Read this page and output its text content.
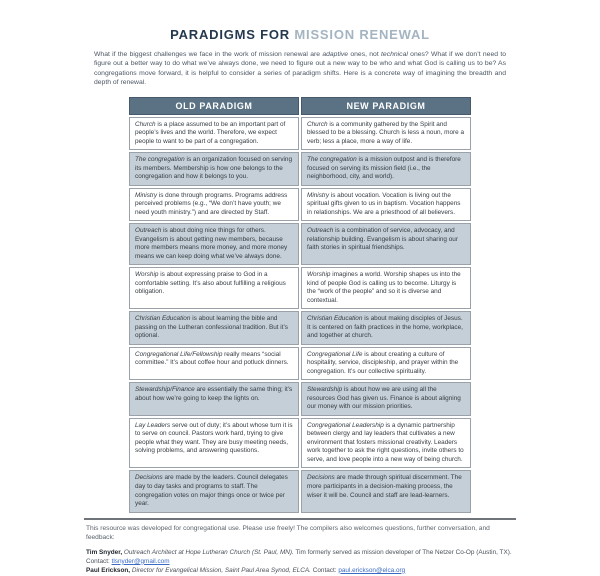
PARADIGMS FOR MISSION RENEWAL

What if the biggest challenges we face in the work of mission renewal are adaptive ones, not technical ones? What if we don’t need to figure out a better way to do what we’ve always done, we need to figure out a new way to be who and what God is calling us to be? As congregations move forward, it is helpful to consider a series of paradigm shifts. Here is a concrete way of imagining the breadth and depth of renewal.

OLD PARADIGM	NEW PARADIGM
Church is a place assumed to be an important part of people’s lives and the world. Therefore, we expect people to want to be part of a congregation.	Church is a community gathered by the Spirit and blessed to be a blessing. Church is less a noun, more a verb; less a place, more a way of life.
The congregation is an organization focused on serving its members. Membership is how one belongs to the congregation and how it belongs to you.	The congregation is a mission outpost and is therefore focused on serving its mission field (i.e., the neighborhood, city, and world).
Ministry is done through programs. Programs address perceived problems (e.g., “We don’t have youth; we need youth ministry.”) and are directed by Staff.	Ministry is about vocation. Vocation is living out the spiritual gifts given to us in baptism. Vocation happens in relationships. We are a priesthood of all believers.
Outreach is about doing nice things for others. Evangelism is about getting new members, because more members means more money, and more money means we can keep doing what we’ve always done.	Outreach is a combination of service, advocacy, and relationship building. Evangelism is about sharing our faith stories in spiritual friendships.
Worship is about expressing praise to God in a comfortable setting. It’s also about fulfilling a religious obligation.	Worship imagines a world. Worship shapes us into the kind of people God is calling us to become. Liturgy is the “work of the people” and so it is diverse and contextual.
Christian Education is about learning the bible and passing on the Lutheran confessional tradition. But it’s optional.	Christian Education is about making disciples of Jesus. It is centered on faith practices in the home, workplace, and together at church.
Congregational Life/Fellowship really means “social committee.” It’s about coffee hour and potluck dinners.	Congregational Life is about creating a culture of hospitality, service, discipleship, and prayer within the congregation. It’s our collective spirituality.
Stewardship/Finance are essentially the same thing; it’s about how we’re going to keep the lights on.	Stewardship is about how we are using all the resources God has given us. Finance is about aligning our money with our mission priorities.
Lay Leaders serve out of duty; it’s about whose turn it is to serve on council. Pastors work hard, trying to give people what they want. They are busy meeting needs, solving problems, and answering questions.	Congregational Leadership is a dynamic partnership between clergy and lay leaders that cultivates a new environment that fosters missional creativity. Leaders work together to ask the right questions, invite others to serve, and love people into a new way of being church.
Decisions are made by the leaders. Council delegates day to day tasks and programs to staff. The congregation votes on major things once or twice per year.	Decisions are made through spiritual discernment. The more participants in a decision-making process, the wiser it will be. Council and staff are lead-learners.

This resource was developed for congregational use. Please use freely! The compilers also welcomes questions, further conversation, and feedback:

Tim Snyder, Outreach Architect at Hope Lutheran Church (St. Paul, MN). Tim formerly served as mission developer of The Netzer Co-Op (Austin, TX). Contact: tlsnyder@gmail.com
Paul Erickson, Director for Evangelical Mission, Saint Paul Area Synod, ELCA. Contact: paul.erickson@elca.org
